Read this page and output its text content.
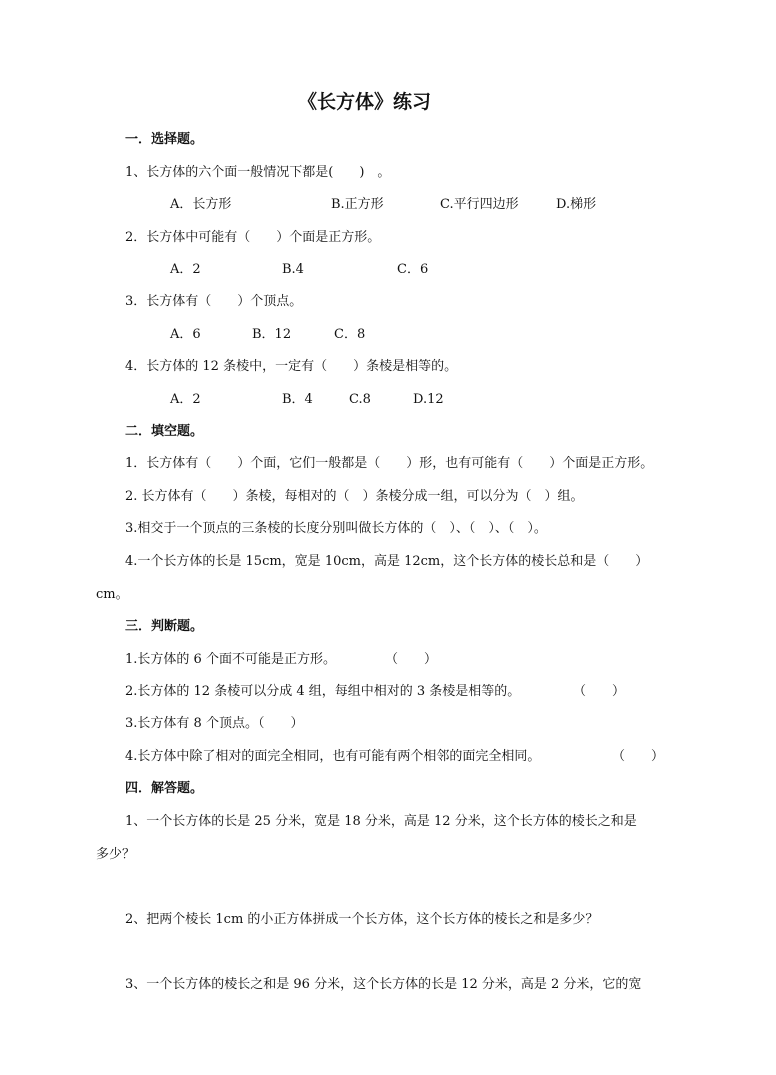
《长方体》练习
一．选择题。
1、长方体的六个面一般情况下都是(　　)　。
A．长方形	B.正方形	C.平行四边形	D.梯形
2．长方体中可能有（　　）个面是正方形。
A．2	B.4	C．6
3．长方体有（　　）个顶点。
A．6	B．12	C．8
4．长方体的 12 条棱中，一定有（　　）条棱是相等的。
A．2	B．4	C.8	D.12
二．填空题。
1．长方体有（　　）个面，它们一般都是（　　）形，也有可能有（　　）个面是正方形。
2. 长方体有（　　）条棱，每相对的（　）条棱分成一组，可以分为（　）组。
3.相交于一个顶点的三条棱的长度分别叫做长方体的（　）、（　）、（　）。
4.一个长方体的长是 15cm，宽是 10cm，高是 12cm，这个长方体的棱长总和是（　　）
cm。
三．判断题。
1.长方体的 6 个面不可能是正方形。	（　　）
2.长方体的 12 条棱可以分成 4 组，每组中相对的 3 条棱是相等的。	（　　）
3.长方体有 8 个顶点。（　　）
4.长方体中除了相对的面完全相同，也有可能有两个相邻的面完全相同。	（　　）
四．解答题。
1、一个长方体的长是 25 分米，宽是 18 分米，高是 12 分米，这个长方体的棱长之和是
多少？
2、把两个棱长 1cm 的小正方体拼成一个长方体，这个长方体的棱长之和是多少？
3、一个长方体的棱长之和是 96 分米，这个长方体的长是 12 分米，高是 2 分米，它的宽
